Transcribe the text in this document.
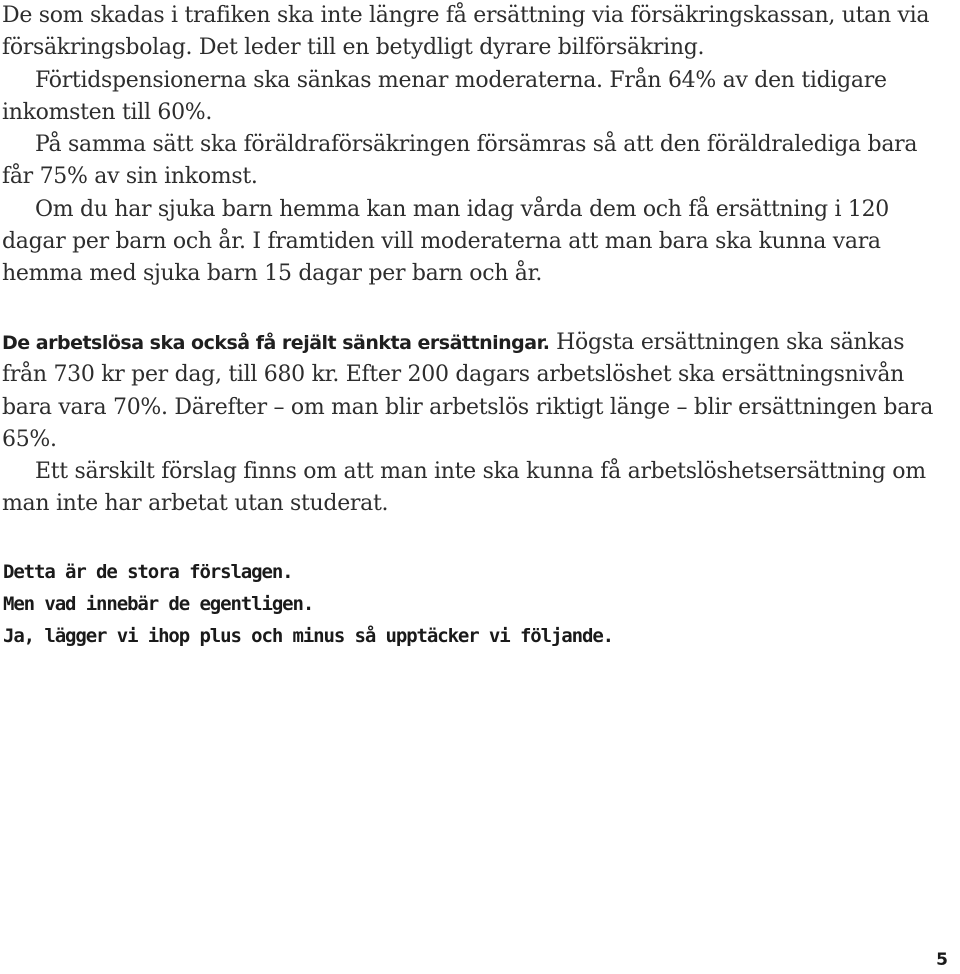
De som skadas i trafiken ska inte längre få ersättning via försäkringskassan, utan via försäkringsbolag. Det leder till en betydligt dyrare bilförsäkring.

Förtidspensionerna ska sänkas menar moderaterna. Från 64% av den tidigare inkomsten till 60%.

På samma sätt ska föräldraförsäkringen försämras så att den föräldralediga bara får 75% av sin inkomst.

Om du har sjuka barn hemma kan man idag vårda dem och få ersättning i 120 dagar per barn och år. I framtiden vill moderaterna att man bara ska kunna vara hemma med sjuka barn 15 dagar per barn och år.

De arbetslösa ska också få rejält sänkta ersättningar. Högsta ersättningen ska sänkas från 730 kr per dag, till 680 kr. Efter 200 dagars arbetslöshet ska ersättningsnivån bara vara 70%. Därefter – om man blir arbetslös riktigt länge – blir ersättningen bara 65%.

Ett särskilt förslag finns om att man inte ska kunna få arbetslöshetsersättning om man inte har arbetat utan studerat.

Detta är de stora förslagen.

Men vad innebär de egentligen.

Ja, lägger vi ihop plus och minus så upptäcker vi följande.

5
